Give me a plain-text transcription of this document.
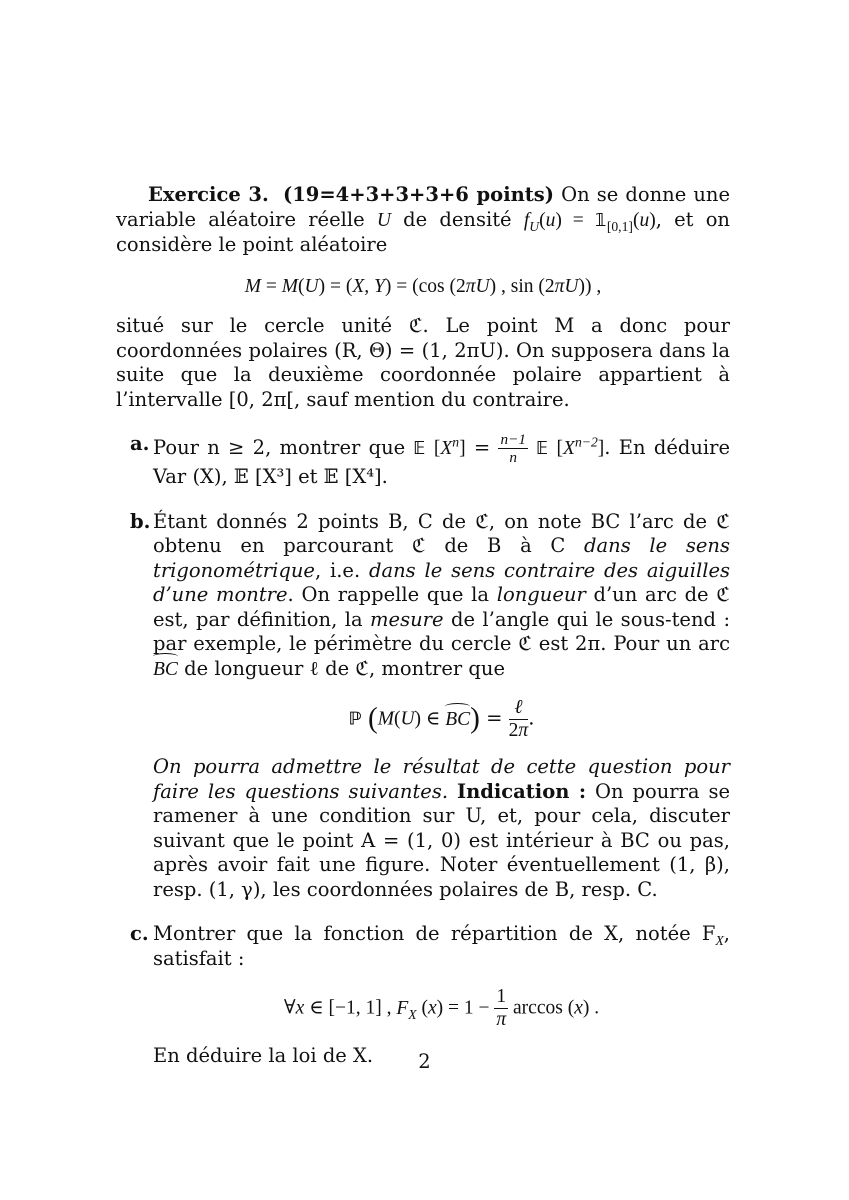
Exercice 3. (19=4+3+3+3+6 points) On se donne une variable aléatoire réelle U de densité $f_U(u)$ = $𝟙_{[0,1]}(u)$, et on considère le point aléatoire

M = M(U) = (X, Y) = (cos (2πU) , sin (2πU)) ,

situé sur le cercle unité ℭ. Le point M a donc pour coordonnées polaires (R, Θ) = (1, 2πU). On supposera dans la suite que la deuxième coordonnée polaire appartient à l’intervalle [0, 2π[, sauf mention du contraire.

a. Pour n ≥ 2, montrer que 𝔼 $[X^n] = \frac{n-1}{n}$ 𝔼 $[X^{n-2}]$. En déduire Var (X), 𝔼 [X³] et 𝔼 [X⁴].
b. Étant donnés 2 points B, C de ℭ, on note BC l’arc de ℭ obtenu en parcourant ℭ de B à C dans le sens trigonométrique, i.e. dans le sens contraire des aiguilles d’une montre. On rappelle que la longueur d’un arc de ℭ est, par définition, la mesure de l’angle qui le sous-tend : par exemple, le périmètre du cercle ℭ est 2π. Pour un arc BC de longueur ℓ de ℭ, montrer que
ℙ (M(U) ∈ $BC) = \frac{\text{ℓ}}{2\pi}$ .
On pourra admettre le résultat de cette question pour faire les questions suivantes. Indication : On pourra se ramener à une condition sur U, et, pour cela, discuter suivant que le point A = (1, 0) est intérieur à BC ou pas, après avoir fait une figure. Noter éventuellement (1, β), resp. (1, γ), les coordonnées polaires de B, resp. C.
c. Montrer que la fonction de répartition de X, notée $F_X$, satisfait :
∀x ∈ [−1, 1] , $F_X$ $(x) = 1 - \frac{1}{\pi}$ arccos (x) .
En déduire la loi de X.	2
